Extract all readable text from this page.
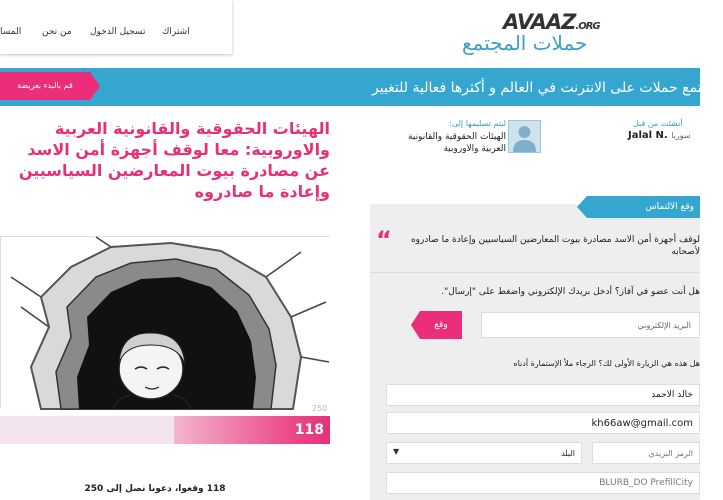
اشتراك
تسجيل الدخول
من نحن
المسا	AVAAZ.ORG
حملات المجتمع
مجتمع حملات على الانترنت في العالم و أكثرها فعالية للتغيير.
قم بالبدء بعريضة
الهيئات الحقوقية والقانونية العربية والاوروبية: معا لوقف أجهزة أمن الاسد عن مصادرة بيوت المعارضين السياسيين وإعادة ما صادروه
250
118
118 وقعوا، دعونا نصل إلى 250
أنشئت من قبل
Jalal N. سوريا
ليتم تسليمها إلى:
الهيئات الحقوقية والقانونية العربية والاوروبية
وقع الالتماس
“	لوقف أجهزة أمن الاسد مصادرة بيوت المعارضين السياسيين وإعادة ما صادروه لأصحابه
هل أنت عضو في آفاز؟ أدخل بريدك الإلكتروني واضغط على "إرسال".
البريد الإلكتروني
وقع
هل هذه هي الزيارة الأولى لك؟ الرجاء ملأ الإستمارة أدناه
خالد الأحمد
kh66aw@gmail.com
الرمز البريدي
البلد
▼
BLURB_DO PrefillCity
